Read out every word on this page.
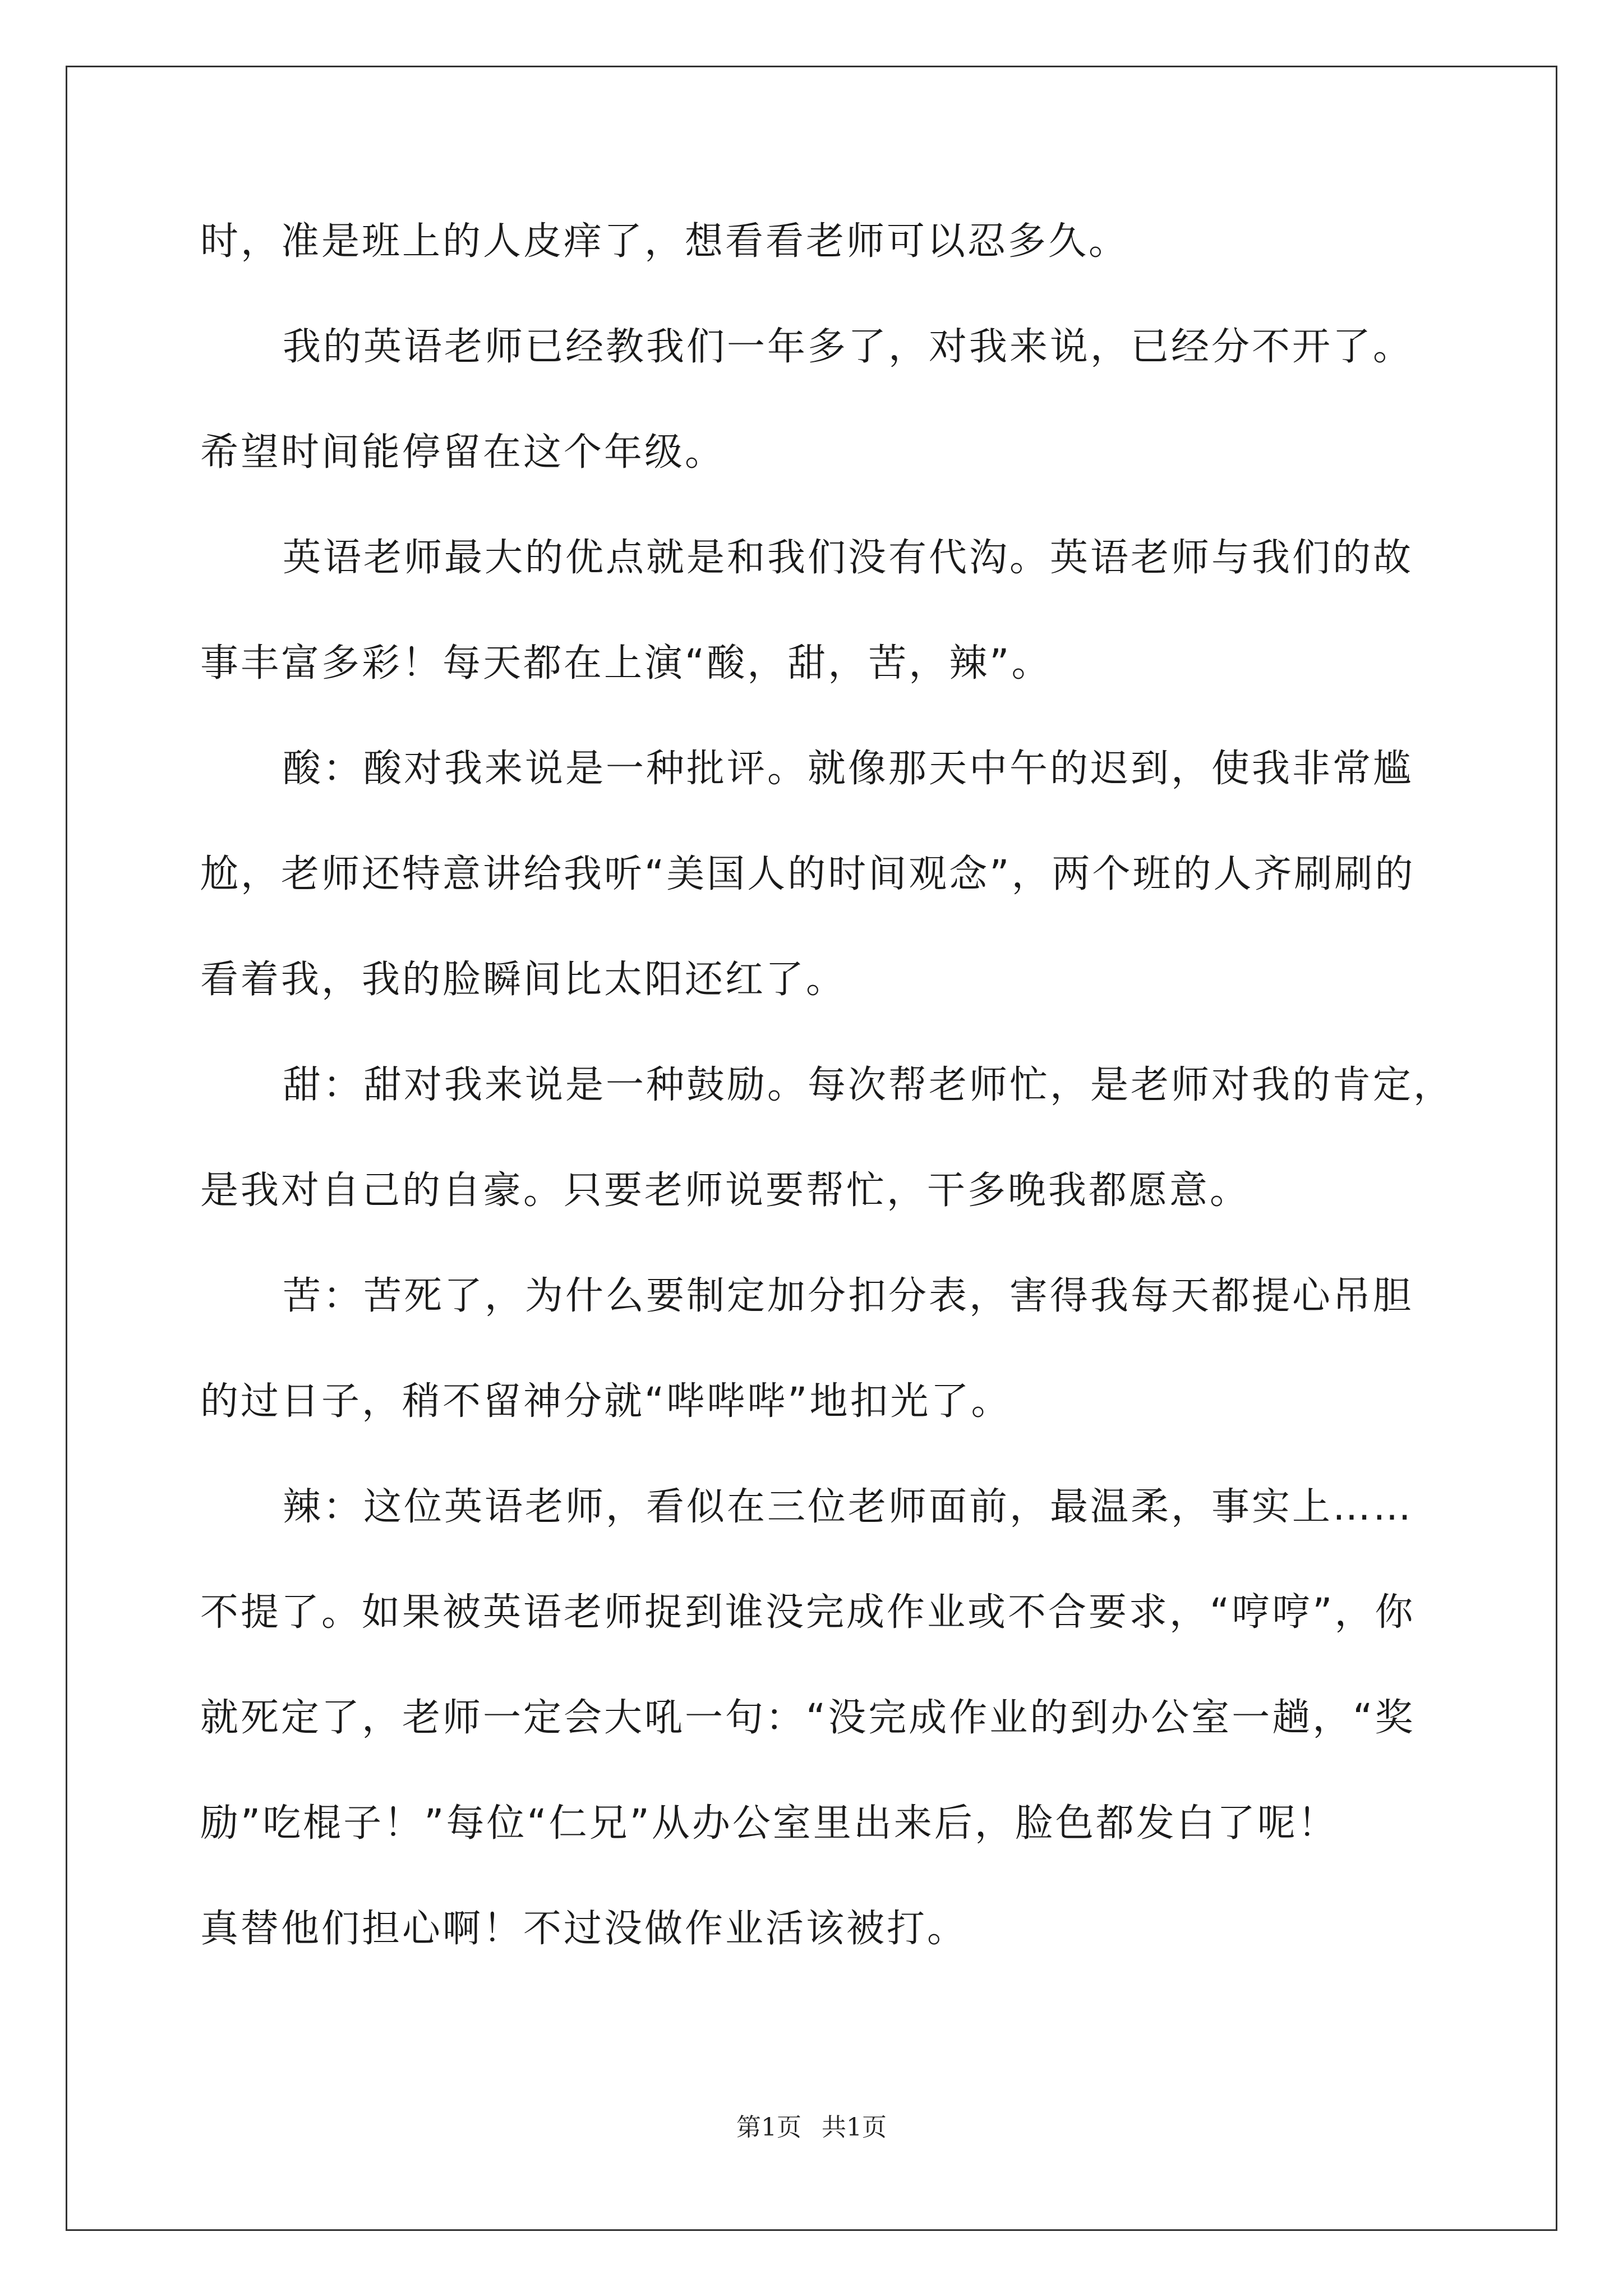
时，准是班上的人皮痒了，想看看老师可以忍多久。
我的英语老师已经教我们一年多了，对我来说，已经分不开了。
希望时间能停留在这个年级。
英语老师最大的优点就是和我们没有代沟。英语老师与我们的故
事丰富多彩！每天都在上演“酸，甜，苦，辣”。
酸：酸对我来说是一种批评。就像那天中午的迟到，使我非常尴
尬，老师还特意讲给我听“美国人的时间观念”，两个班的人齐刷刷的
看着我，我的脸瞬间比太阳还红了。
甜：甜对我来说是一种鼓励。每次帮老师忙，是老师对我的肯定，
是我对自己的自豪。只要老师说要帮忙，干多晚我都愿意。
苦：苦死了，为什么要制定加分扣分表，害得我每天都提心吊胆
的过日子，稍不留神分就“哔哔哔”地扣光了。
辣：这位英语老师，看似在三位老师面前，最温柔，事实上……
不提了。如果被英语老师捉到谁没完成作业或不合要求，“哼哼”，你
就死定了，老师一定会大吼一句：“没完成作业的到办公室一趟，“奖
励”吃棍子！”每位“仁兄”从办公室里出来后，脸色都发白了呢！
真替他们担心啊！不过没做作业活该被打。
第1页 共1页
